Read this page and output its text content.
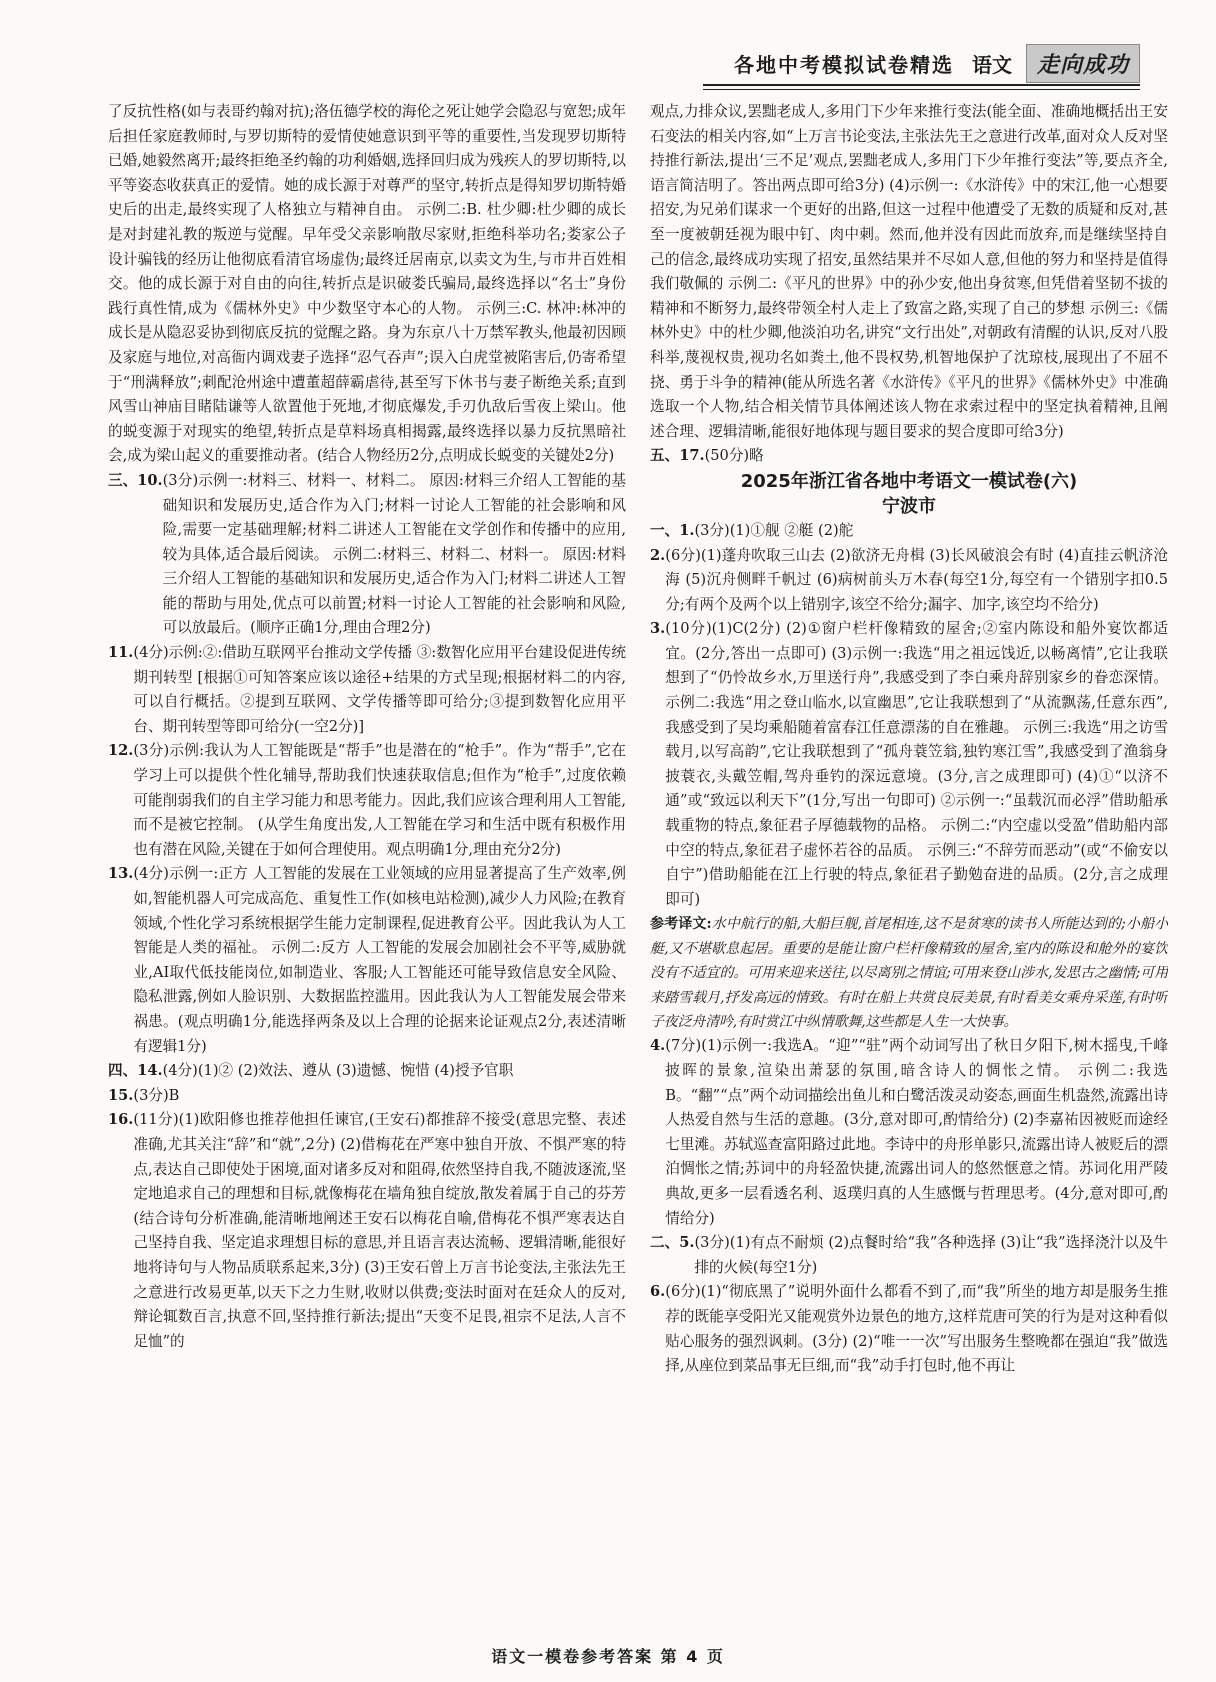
各地中考模拟试卷精选 语文	走向成功

了反抗性格(如与表哥约翰对抗);洛伍德学校的海伦之死让她学会隐忍与宽恕;成年后担任家庭教师时,与罗切斯特的爱情使她意识到平等的重要性,当发现罗切斯特已婚,她毅然离开;最终拒绝圣约翰的功利婚姻,选择回归成为残疾人的罗切斯特,以平等姿态收获真正的爱情。她的成长源于对尊严的坚守,转折点是得知罗切斯特婚史后的出走,最终实现了人格独立与精神自由。 示例二:B. 杜少卿:杜少卿的成长是对封建礼教的叛逆与觉醒。早年受父亲影响散尽家财,拒绝科举功名;娄家公子设计骗钱的经历让他彻底看清官场虚伪;最终迁居南京,以卖文为生,与市井百姓相交。他的成长源于对自由的向往,转折点是识破娄氏骗局,最终选择以“名士”身份践行真性情,成为《儒林外史》中少数坚守本心的人物。 示例三:C. 林冲:林冲的成长是从隐忍妥协到彻底反抗的觉醒之路。身为东京八十万禁军教头,他最初因顾及家庭与地位,对高衙内调戏妻子选择“忍气吞声”;误入白虎堂被陷害后,仍寄希望于“刑满释放”;刺配沧州途中遭董超薛霸虐待,甚至写下休书与妻子断绝关系;直到风雪山神庙目睹陆谦等人欲置他于死地,才彻底爆发,手刃仇敌后雪夜上梁山。他的蜕变源于对现实的绝望,转折点是草料场真相揭露,最终选择以暴力反抗黑暗社会,成为梁山起义的重要推动者。(结合人物经历2分,点明成长蜕变的关键处2分)

三、10. (3分)示例一:材料三、材料一、材料二。 原因:材料三介绍人工智能的基础知识和发展历史,适合作为入门;材料一讨论人工智能的社会影响和风险,需要一定基础理解;材料二讲述人工智能在文学创作和传播中的应用,较为具体,适合最后阅读。 示例二:材料三、材料二、材料一。 原因:材料三介绍人工智能的基础知识和发展历史,适合作为入门;材料二讲述人工智能的帮助与用处,优点可以前置;材料一讨论人工智能的社会影响和风险,可以放最后。(顺序正确1分,理由合理2分)
11. (4分)示例:②:借助互联网平台推动文学传播 ③:数智化应用平台建设促进传统期刊转型 [根据①可知答案应该以途径+结果的方式呈现;根据材料二的内容,可以自行概括。②提到互联网、文学传播等即可给分;③提到数智化应用平台、期刊转型等即可给分(一空2分)]
12. (3分)示例:我认为人工智能既是“帮手”也是潜在的“枪手”。作为“帮手”,它在学习上可以提供个性化辅导,帮助我们快速获取信息;但作为“枪手”,过度依赖可能削弱我们的自主学习能力和思考能力。因此,我们应该合理利用人工智能,而不是被它控制。 (从学生角度出发,人工智能在学习和生活中既有积极作用也有潜在风险,关键在于如何合理使用。观点明确1分,理由充分2分)
13. (4分)示例一:正方 人工智能的发展在工业领域的应用显著提高了生产效率,例如,智能机器人可完成高危、重复性工作(如核电站检测),减少人力风险;在教育领域,个性化学习系统根据学生能力定制课程,促进教育公平。因此我认为人工智能是人类的福祉。 示例二:反方 人工智能的发展会加剧社会不平等,威胁就业,AI取代低技能岗位,如制造业、客服;人工智能还可能导致信息安全风险、隐私泄露,例如人脸识别、大数据监控滥用。因此我认为人工智能发展会带来祸患。(观点明确1分,能选择两条及以上合理的论据来论证观点2分,表述清晰有逻辑1分)
四、14. (4分)(1)② (2)效法、遵从 (3)遗憾、惋惜 (4)授予官职
15. (3分)B
16. (11分)(1)欧阳修也推荐他担任谏官,(王安石)都推辞不接受(意思完整、表述准确,尤其关注“辞”和“就”,2分) (2)借梅花在严寒中独自开放、不惧严寒的特点,表达自己即使处于困境,面对诸多反对和阻碍,依然坚持自我,不随波逐流,坚定地追求自己的理想和目标,就像梅花在墙角独自绽放,散发着属于自己的芬芳(结合诗句分析准确,能清晰地阐述王安石以梅花自喻,借梅花不惧严寒表达自己坚持自我、坚定追求理想目标的意思,并且语言表达流畅、逻辑清晰,能很好地将诗句与人物品质联系起来,3分) (3)王安石曾上万言书论变法,主张法先王之意进行改易更革,以天下之力生财,收财以供费;变法时面对在廷众人的反对,辩论辄数百言,执意不回,坚持推行新法;提出“天变不足畏,祖宗不足法,人言不足恤”的

观点,力排众议,罢黜老成人,多用门下少年来推行变法(能全面、准确地概括出王安石变法的相关内容,如“上万言书论变法,主张法先王之意进行改革,面对众人反对坚持推行新法,提出‘三不足’观点,罢黜老成人,多用门下少年推行变法”等,要点齐全,语言简洁明了。答出两点即可给3分) (4)示例一:《水浒传》中的宋江,他一心想要招安,为兄弟们谋求一个更好的出路,但这一过程中他遭受了无数的质疑和反对,甚至一度被朝廷视为眼中钉、肉中刺。然而,他并没有因此而放弃,而是继续坚持自己的信念,最终成功实现了招安,虽然结果并不尽如人意,但他的努力和坚持是值得我们敬佩的 示例二:《平凡的世界》中的孙少安,他出身贫寒,但凭借着坚韧不拔的精神和不断努力,最终带领全村人走上了致富之路,实现了自己的梦想 示例三:《儒林外史》中的杜少卿,他淡泊功名,讲究“文行出处”,对朝政有清醒的认识,反对八股科举,蔑视权贵,视功名如粪土,他不畏权势,机智地保护了沈琼枝,展现出了不屈不挠、勇于斗争的精神(能从所选名著《水浒传》《平凡的世界》《儒林外史》中准确选取一个人物,结合相关情节具体阐述该人物在求索过程中的坚定执着精神,且阐述合理、逻辑清晰,能很好地体现与题目要求的契合度即可给3分)

五、17. (50分)略
2025年浙江省各地中考语文一模试卷(六)
宁波市
一、1. (3分)(1)①舰 ②艇 (2)舵
2. (6分)(1)蓬舟吹取三山去 (2)欲济无舟楫 (3)长风破浪会有时 (4)直挂云帆济沧海 (5)沉舟侧畔千帆过 (6)病树前头万木春(每空1分,每空有一个错别字扣0.5分;有两个及两个以上错别字,该空不给分;漏字、加字,该空均不给分)
3. (10分)(1)C(2分) (2)①窗户栏杆像精致的屋舍;②室内陈设和船外宴饮都适宜。(2分,答出一点即可) (3)示例一:我选“用之祖远饯近,以畅离情”,它让我联想到了“仍怜故乡水,万里送行舟”,我感受到了李白乘舟辞别家乡的眷恋深情。 示例二:我选“用之登山临水,以宣幽思”,它让我联想到了“从流飘荡,任意东西”,我感受到了吴均乘船随着富春江任意漂荡的自在雅趣。 示例三:我选“用之访雪载月,以写高韵”,它让我联想到了“孤舟蓑笠翁,独钓寒江雪”,我感受到了渔翁身披蓑衣,头戴笠帽,驾舟垂钓的深远意境。(3分,言之成理即可) (4)①“以济不通”或“致远以利天下”(1分,写出一句即可) ②示例一:“虽载沉而必浮”借助船承载重物的特点,象征君子厚德载物的品格。 示例二:“内空虚以受盈”借助船内部中空的特点,象征君子虚怀若谷的品质。 示例三:“不辞劳而恶动”(或“不偷安以自宁”)借助船能在江上行驶的特点,象征君子勤勉奋进的品质。(2分,言之成理即可)

参考译文:水中航行的船,大船巨舰,首尾相连,这不是贫寒的读书人所能达到的;小船小艇,又不堪歇息起居。重要的是能让窗户栏杆像精致的屋舍,室内的陈设和舱外的宴饮没有不适宜的。可用来迎来送往,以尽离别之情谊;可用来登山涉水,发思古之幽情;可用来踏雪载月,抒发高远的情致。有时在船上共赏良辰美景,有时看美女乘舟采莲,有时听子夜泛舟清吟,有时赏江中纵情歌舞,这些都是人生一大快事。

4. (7分)(1)示例一:我选A。“迎”“驻”两个动词写出了秋日夕阳下,树木摇曳,千峰披晖的景象,渲染出萧瑟的氛围,暗含诗人的惆怅之情。 示例二:我选B。“翻”“点”两个动词描绘出鱼儿和白鹭活泼灵动姿态,画面生机盎然,流露出诗人热爱自然与生活的意趣。(3分,意对即可,酌情给分) (2)李嘉祐因被贬而途经七里滩。苏轼巡查富阳路过此地。李诗中的舟形单影只,流露出诗人被贬后的漂泊惆怅之情;苏词中的舟轻盈快捷,流露出词人的悠然惬意之情。苏词化用严陵典故,更多一层看透名利、返璞归真的人生感慨与哲理思考。(4分,意对即可,酌情给分)
二、5. (3分)(1)有点不耐烦 (2)点餐时给“我”各种选择 (3)让“我”选择浇汁以及牛排的火候(每空1分)
6. (6分)(1)“彻底黑了”说明外面什么都看不到了,而“我”所坐的地方却是服务生推荐的既能享受阳光又能观赏外边景色的地方,这样荒唐可笑的行为是对这种看似贴心服务的强烈讽刺。(3分) (2)“唯一一次”写出服务生整晚都在强迫“我”做选择,从座位到菜品事无巨细,而“我”动手打包时,他不再让
语文一模卷参考答案 第 4 页
